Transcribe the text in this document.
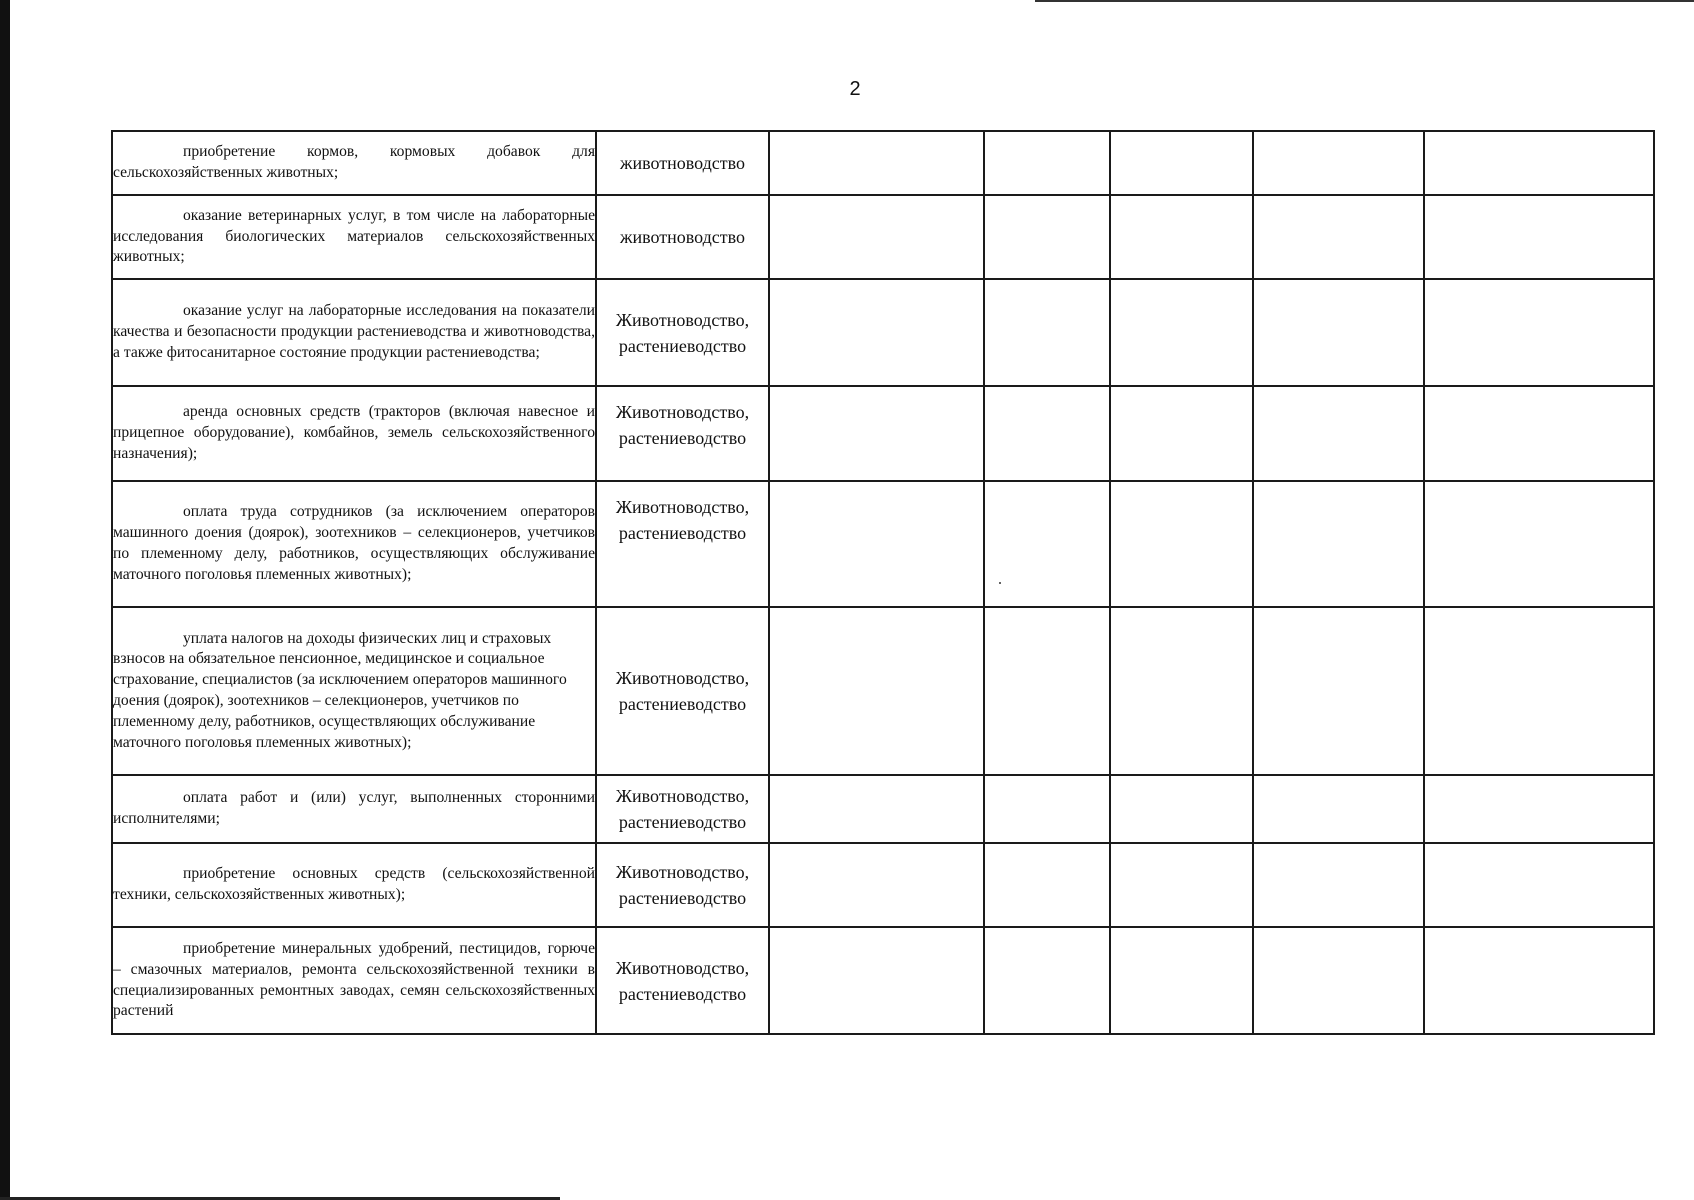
2
приобретение кормов, кормовых добавок для сельскохозяйственных животных;	животноводство					
оказание ветеринарных услуг, в том числе на лабораторные исследования биологических материалов сельскохозяйственных животных;	животноводство					
оказание услуг на лабораторные исследования на показатели качества и безопасности продукции растениеводства и животноводства, а также фитосанитарное состояние продукции растениеводства;	Животноводство, растениеводство					
аренда основных средств (тракторов (включая навесное и прицепное оборудование), комбайнов, земель сельскохозяйственного назначения);	Животноводство, растениеводство					
оплата труда сотрудников (за исключением операторов машинного доения (доярок), зоотехников – селекционеров, учетчиков по племенному делу, работников, осуществляющих обслуживание маточного поголовья племенных животных);	Животноводство, растениеводство					
уплата налогов на доходы физических лиц и страховых взносов на обязательное пенсионное, медицинское и социальное страхование, специалистов (за исключением операторов машинного доения (доярок), зоотехников – селекционеров, учетчиков по племенному делу, работников, осуществляющих обслуживание маточного поголовья племенных животных);	Животноводство, растениеводство					
оплата работ и (или) услуг, выполненных сторонними исполнителями;	Животноводство, растениеводство					
приобретение основных средств (сельскохозяйственной техники, сельскохозяйственных животных);	Животноводство, растениеводство					
приобретение минеральных удобрений, пестицидов, горюче – смазочных материалов, ремонта сельскохозяйственной техники в специализированных ремонтных заводах, семян сельскохозяйственных растений	Животноводство, растениеводство					
